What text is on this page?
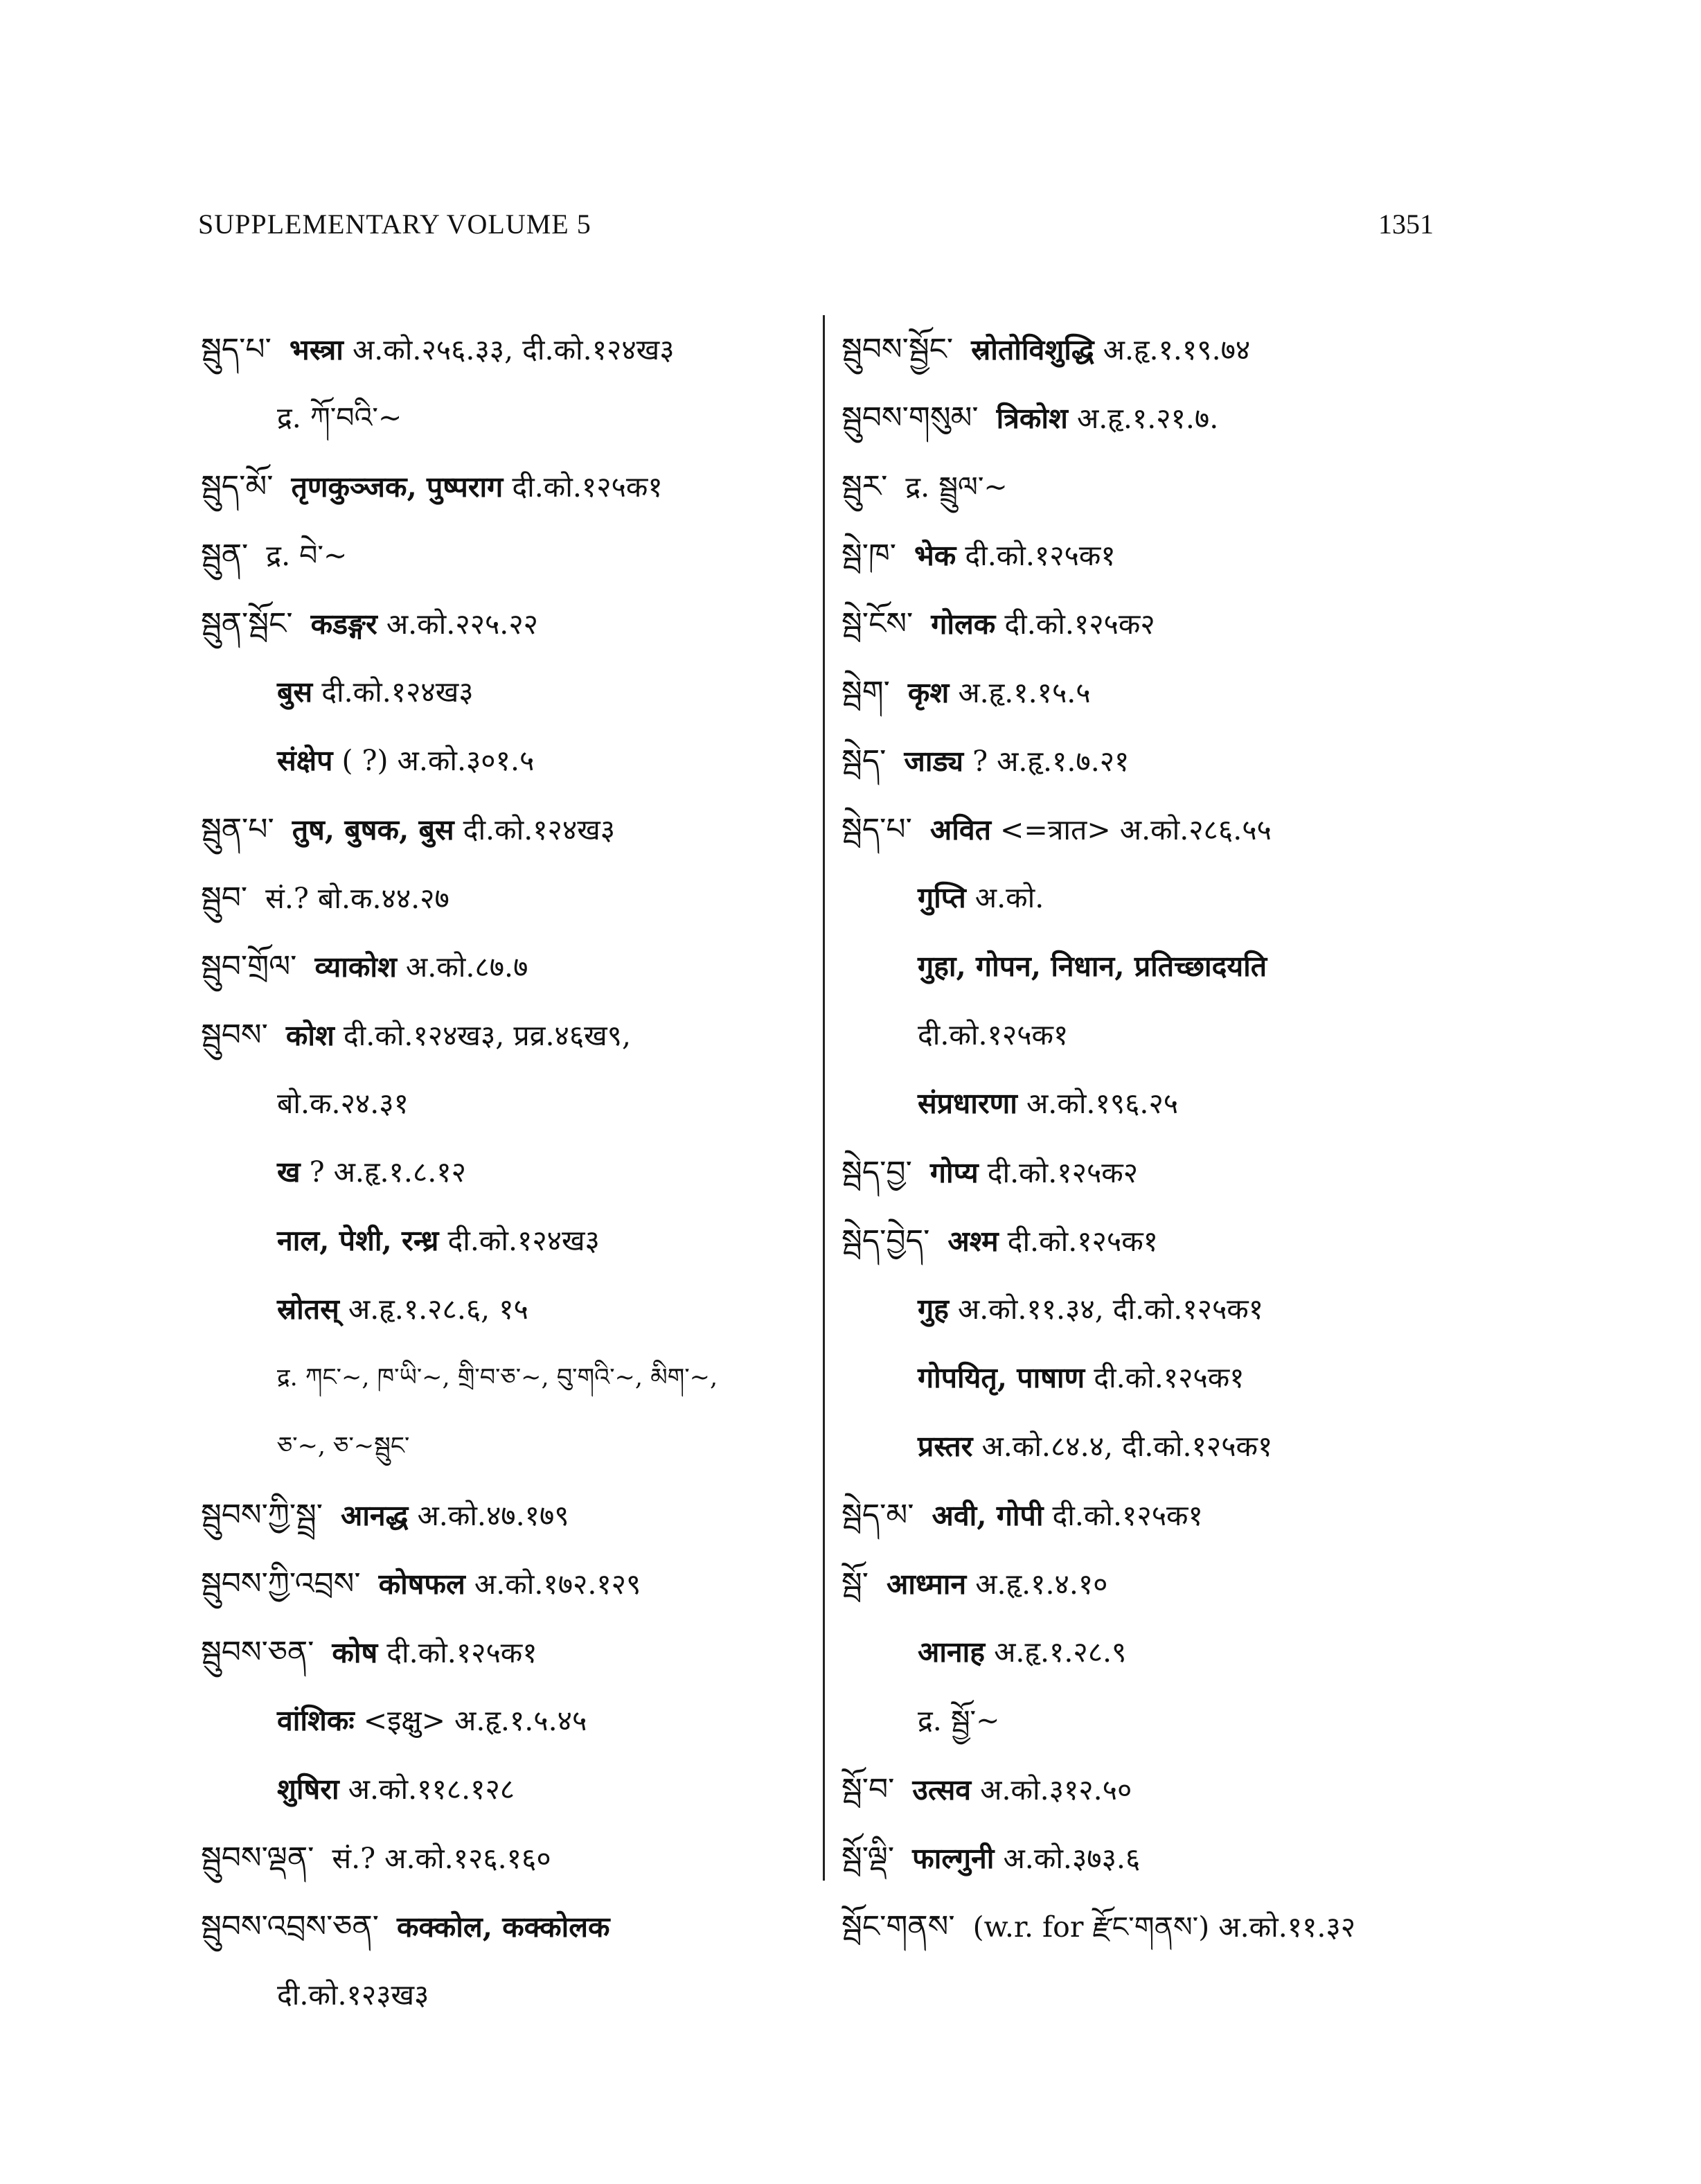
SUPPLEMENTARY VOLUME 5	1351
སྦུད་པ་ भस्त्रा अ.को.२५६.३३, दी.को.१२४ख३
द्र. ཀོ་བའི་~
སྦུད་མོ་ तृणकुञ्जक, पुष्पराग दी.को.१२५क१
སྦུན་ द्र. བེ་~
སྦུན་སྦོང་ कडङ्गर अ.को.२२५.२२
बुस दी.को.१२४ख३
संक्षेप ( ?) अ.को.३०१.५
སྦུན་པ་ तुष, बुषक, बुस दी.को.१२४ख३
སྦུབ་ सं.? बो.क.४४.२७
སྦུབ་གྲོལ་ व्याकोश अ.को.८७.७
སྦུབས་ कोश दी.को.१२४ख३, प्रव्र.४६ख९,
बो.क.२४.३१
ख ? अ.हृ.१.८.१२
नाल, पेशी, रन्ध्र दी.को.१२४ख३
स्रोतस् अ.हृ.१.२८.६, १५
द्र. ཀང་~, ཁ་ཡི་~, གྲི་བ་ཅ་~, བུ་གའི་~, མིག་~,
ཅ་~, ཅ་~སྦུང་
སྦུབས་ཀྱི་སྦྲ་ आनद्ध अ.को.४७.१७९
སྦུབས་ཀྱི་འབྲས་ कोषफल अ.को.१७२.१२९
སྦུབས་ཅན་ कोष दी.को.१२५क१
वांशिकः <इक्षु> अ.हृ.१.५.४५
शुषिरा अ.को.११८.१२८
སྦུབས་ལྡན་ सं.? अ.को.१२६.१६०
སྦུབས་འབྲས་ཅན་ कक्कोल, कक्कोलक
दी.को.१२३ख३
སྦུབས་སྦྱོང་ स्रोतोविशुद्धि अ.हृ.१.१९.७४
སྦུབས་གསུམ་ त्रिकोश अ.हृ.१.२१.७.
སྦུར་ द्र. སྦྲུལ་~
སྦེ་ཁ་ भेक दी.को.१२५क१
སྦེ་ངོས་ गोलक दी.को.१२५क२
སྦེག་ कृश अ.हृ.१.१५.५
སྦེད་ जाड्य ? अ.हृ.१.७.२१
སྦེད་པ་ अवित <=त्रात> अ.को.२८६.५५
गुप्ति अ.को.
गुहा, गोपन, निधान, प्रतिच्छादयति
दी.को.१२५क१
संप्रधारणा अ.को.१९६.२५
སྦེད་བྱ་ गोप्य दी.को.१२५क२
སྦེད་བྱེད་ अश्म दी.को.१२५क१
गुह अ.को.११.३४, दी.को.१२५क१
गोपयितृ, पाषाण दी.को.१२५क१
प्रस्तर अ.को.८४.४, दी.को.१२५क१
སྦེད་མ་ अवी, गोपी दी.को.१२५क१
སྦོ་ आध्मान अ.हृ.१.४.१०
आनाह अ.हृ.१.२८.९
द्र. སྦྱོ་~
སྦོ་བ་ उत्सव अ.को.३१२.५०
སྦོ་ལྡི་ फाल्गुनी अ.को.३७३.६
སྦོང་གནས་ (w.r. for རྫོང་གནས་) अ.को.११.३२
